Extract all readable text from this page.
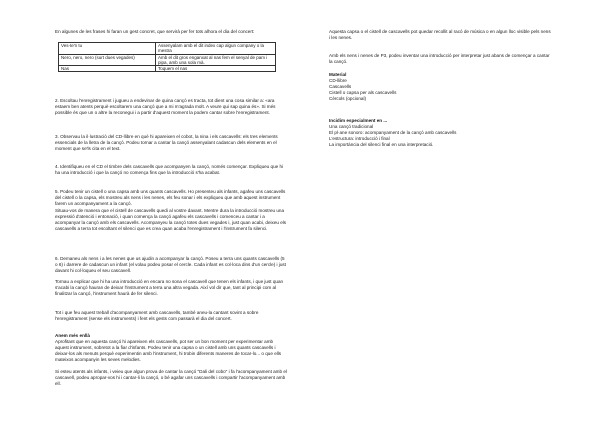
En algunes de les frases hi faran un gest concret, que servirà per fer tots alhora el dia del concert:

Ves-te'n tu	Assenyalam amb el dit index cap algun company o la mestra
Nero, nero, nero (surt dues vegades)	Amb el dit gros enganxat al nas fem el senyal de pam i pipa, amb una sola mà.
Nas	Toquem el nas

2. Escoltau l'enregistrament i jugueu a endevinar de quina cançó es tracta, tot dient una cosa similar a: «ara estaem ben atents perquè escoltarem una cançó que a mi m'agrada molt. A veure qui sap quina és». Si més possible és que un o altre la reconegui i a partir d'aquest moment la podem cantar sobre l'enregistrament.

3. Observau la il·lustració del CD-llibre en què hi apareixen el cobot, la nina i els cascavells: els tres elements essencials de la lletra de la cançó. Podeu tornar a cantar la cançó assenyalant cadascun dels elements en el moment que se'ls cita en el text.

4. Identifiqueu en el CD el timbre dels cascavells que acompanyen la cançó, només començar. Expliqueu que hi ha una introducció i que la cançó no comença fins que la introducció s'ha acabat.

5. Podeu tenir un cistell o una capsa amb uns quants cascavells. Ho presenteu als infants, agafeu uns cascavells del cistell o la capsa, els mostreu als nens i les nenes, els feu sonar i els expliqueu que amb aquest instrument farem un acompanyament a la cançó.

Situau-vos de manera que el cistell de cascavells quedi al vostre davant. Mentre dura la introducció mostreu una expressió d'atenció i entonació, i quan comença la cançó agafeu els cascavells i comenceu a cantar i a acompanyar la cançó amb els cascavells. Acompanyeu la cançó totes dues vegades i, just quan acabi, deixeu els cascavells a terra tot escoltant el silenci que es crea quan acaba l'enregistrament i l'instrument fa silenci.

6. Demaneu als nens i a les nenes que us ajudin a acompanyar la cançó. Poseu a terra uns quants cascavells (5 o 6) i darrere de cadascun un infant (el volau podeu posar el cercle. Cada infant es col·loca dins d'un cercle) i just davant hi col·loqueu el seu cascavell.

Tornau a explicar que hi ha una introducció en encara no sona el cascavell que tenen els infants, i que just quan s'acabi la cançó hauran de deixar l'instrument a terra una altra vegada. Així vol dir que, tant al principi com al finalitzar la cançó, l'instrument haurà de fer silenci.

Tot i que feu aquest treball d'acompanyament amb cascavells, també aneu-la cantant sovint a sobre l'enregistrament (sense els instruments) i fent els gests com passarà el dia del concert.

Anem més enllà

Aprofitant que en aquesta cançó hi apareixen els cascavells, pot ser un bon moment per experimentar amb aquest instrument, sobretot a la fiar d'infants. Podeu tenir una capsa o un cistell amb uns quants cascavells i deixar-los als menuts perquè experimentin amb l'instrument, hi trobin diferents maneres de tocar-lo... o que ells mateixos acompanyin les seves melodies.

Si esteu atents als infants, i veieu que algun prova de cantar la cançó "Dali del cobo" i fa l'acompanyament amb el cascavell, podeu apropar-vos hi i cantar-li la cançó, o bé agafar uns cascavells i compartir l'acompanyament amb ell.

Aquesta capsa o el cistell de cascavells pot quedar recollit al racó de música o en algun lloc visible pels nens i les nenes.

Amb els nens i nenes de P3, podeu inventar una introducció per interpretar just abans de començar a cantar la cançó.

Material

CD-llibre

Cascavells

Cistell o capsa per als cascavells

Cèrcols (opcional)

Incidim especialment en ...

Una cançó tradicional

El pl·ane sonoro: acompanyament de la cançó amb cascavells

L'estructura: introducció i final

La importància del silenci final en una interpretació.
